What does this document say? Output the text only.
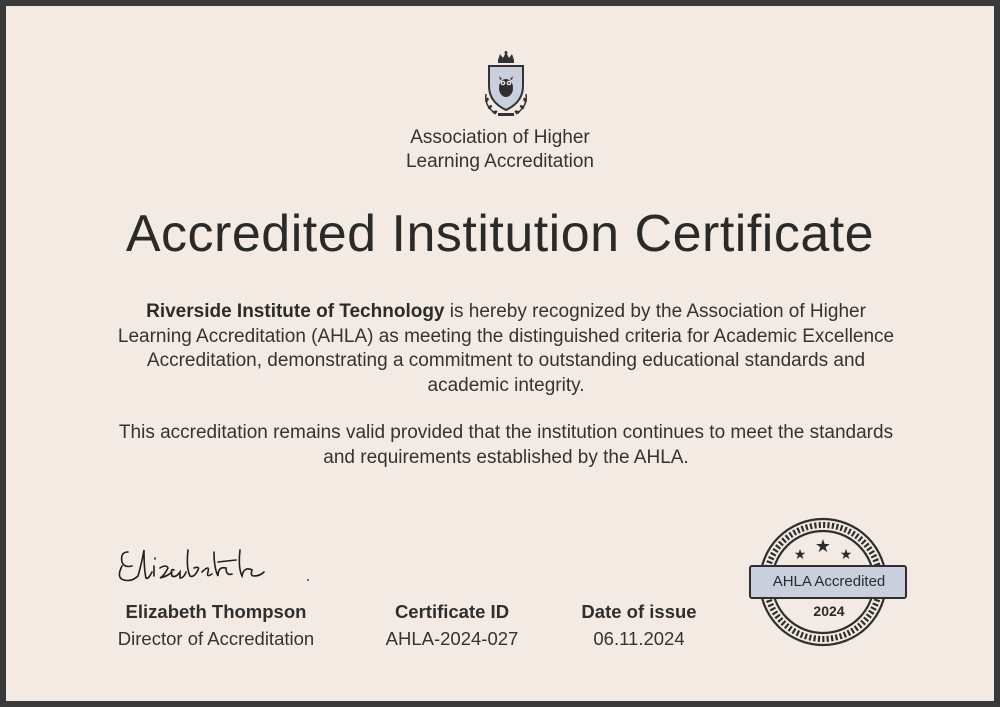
Association of Higher
Learning Accreditation
Accredited Institution Certificate
Riverside Institute of Technology is hereby recognized by the Association of Higher Learning Accreditation (AHLA) as meeting the distinguished criteria for Academic Excellence Accreditation, demonstrating a commitment to outstanding educational standards and academic integrity.
This accreditation remains valid provided that the institution continues to meet the standards and requirements established by the AHLA.
Elizabeth Thompson
Director of Accreditation
Certificate ID
AHLA-2024-027
Date of issue
06.11.2024
★ ★ ★
AHLA Accredited
2024
